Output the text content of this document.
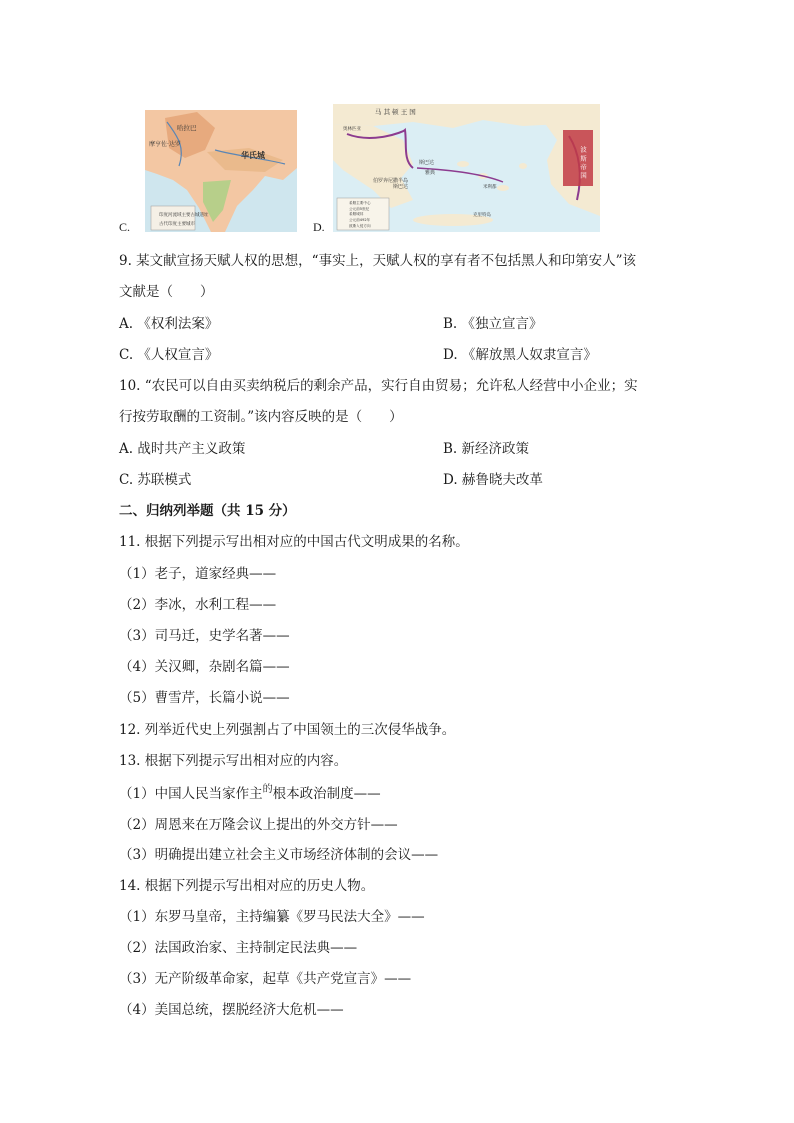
C.
哈拉巴
摩亨佐·达罗
华氏城
印度河流域主要古城遗址
古代印度主要城市	D.
马 其 顿 王 国
波 斯 帝 国
奥林匹亚
斯巴达
雅典
伯罗奔尼撒半岛
斯巴达	米利都
克里特岛
希腊主要中心
公元前5世纪
希腊城邦
公元前492年
波斯入侵方向
9. 某文献宣扬天赋人权的思想，“事实上，天赋人权的享有者不包括黑人和印第安人”该
文献是（　　）
A. 《权利法案》	B. 《独立宣言》
C. 《人权宣言》	D. 《解放黑人奴隶宣言》
10. “农民可以自由买卖纳税后的剩余产品，实行自由贸易；允许私人经营中小企业；实
行按劳取酬的工资制。”该内容反映的是（　　）
A. 战时共产主义政策	B. 新经济政策
C. 苏联模式	D. 赫鲁晓夫改革
二、归纳列举题（共 15 分）
11. 根据下列提示写出相对应的中国古代文明成果的名称。
（1）老子，道家经典——
（2）李冰，水利工程——
（3）司马迁，史学名著——
（4）关汉卿，杂剧名篇——
（5）曹雪芹，长篇小说——
12. 列举近代史上列强割占了中国领土的三次侵华战争。
13. 根据下列提示写出相对应的内容。
（1）中国人民当家作主$^的$根本政治制度——
（2）周恩来在万隆会议上提出的外交方针——
（3）明确提出建立社会主义市场经济体制的会议——
14. 根据下列提示写出相对应的历史人物。
（1）东罗马皇帝，主持编纂《罗马民法大全》——
（2）法国政治家、主持制定民法典——
（3）无产阶级革命家，起草《共产党宣言》——
（4）美国总统，摆脱经济大危机——
